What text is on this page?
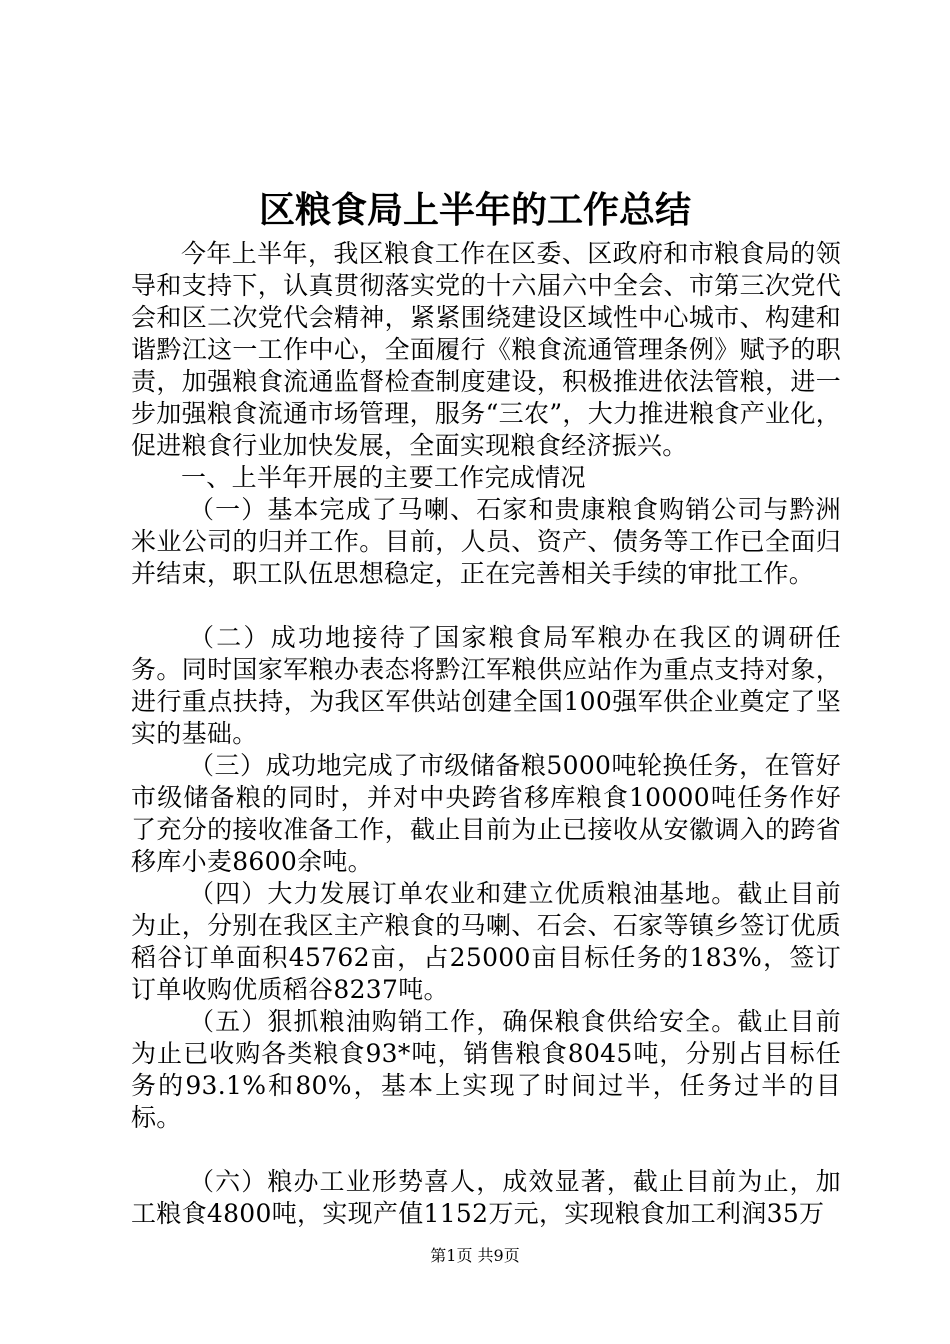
区粮食局上半年的工作总结

今年上半年，我区粮食工作在区委、区政府和市粮食局的领导和支持下，认真贯彻落实党的十六届六中全会、市第三次党代会和区二次党代会精神，紧紧围绕建设区域性中心城市、构建和谐黔江这一工作中心，全面履行《粮食流通管理条例》赋予的职责，加强粮食流通监督检查制度建设，积极推进依法管粮，进一步加强粮食流通市场管理，服务“三农”，大力推进粮食产业化，促进粮食行业加快发展，全面实现粮食经济振兴。

一、上半年开展的主要工作完成情况

（一）基本完成了马喇、石家和贵康粮食购销公司与黔洲米业公司的归并工作。目前，人员、资产、债务等工作已全面归并结束，职工队伍思想稳定，正在完善相关手续的审批工作。

（二）成功地接待了国家粮食局军粮办在我区的调研任务。同时国家军粮办表态将黔江军粮供应站作为重点支持对象，进行重点扶持，为我区军供站创建全国100强军供企业奠定了坚实的基础。

（三）成功地完成了市级储备粮5000吨轮换任务，在管好市级储备粮的同时，并对中央跨省移库粮食10000吨任务作好了充分的接收准备工作，截止目前为止已接收从安徽调入的跨省移库小麦8600余吨。

（四）大力发展订单农业和建立优质粮油基地。截止目前为止，分别在我区主产粮食的马喇、石会、石家等镇乡签订优质稻谷订单面积45762亩，占25000亩目标任务的183%，签订订单收购优质稻谷8237吨。

（五）狠抓粮油购销工作，确保粮食供给安全。截止目前为止已收购各类粮食93*吨，销售粮食8045吨，分别占目标任务的93.1%和80%，基本上实现了时间过半，任务过半的目标。

（六）粮办工业形势喜人，成效显著，截止目前为止，加工粮食4800吨，实现产值1152万元，实现粮食加工利润35万

第1页 共9页
